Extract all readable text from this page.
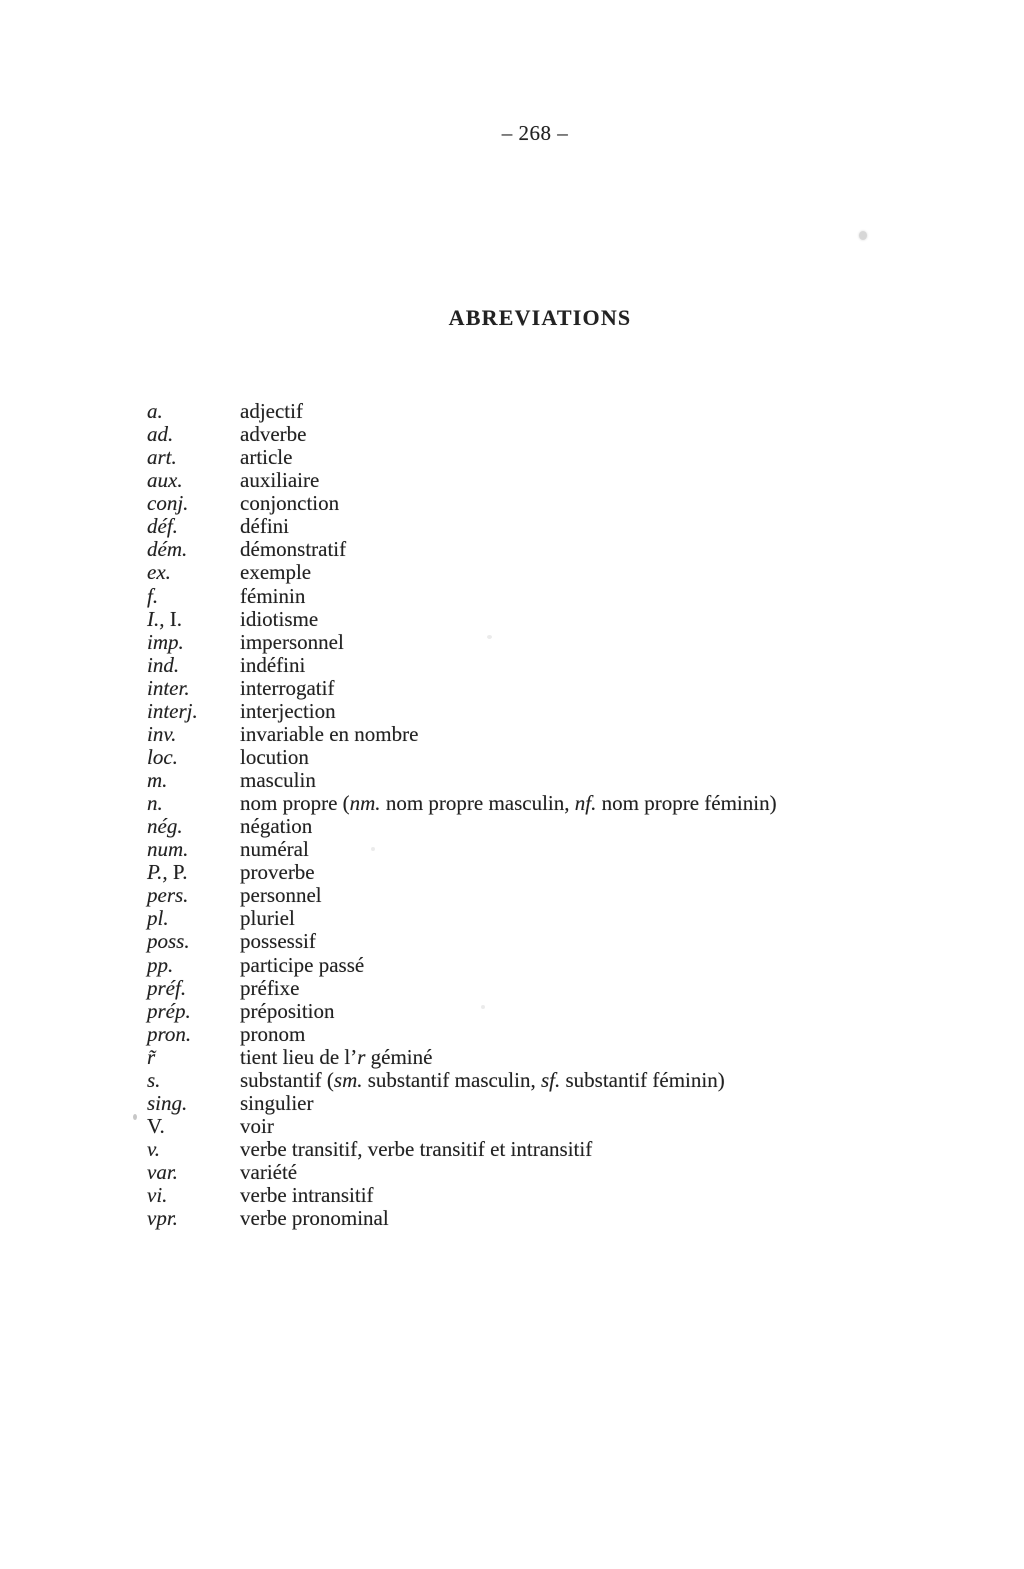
– 268 –
ABREVIATIONS
a.	adjectif
ad.	adverbe
art.	article
aux.	auxiliaire
conj.	conjonction
déf.	défini
dém.	démonstratif
ex.	exemple
f.	féminin
I., I.	idiotisme
imp.	impersonnel
ind.	indéfini
inter.	interrogatif
interj.	interjection
inv.	invariable en nombre
loc.	locution
m.	masculin
n.	nom propre (nm. nom propre masculin, nf. nom propre féminin)
nég.	négation
num.	numéral
P., P.	proverbe
pers.	personnel
pl.	pluriel
poss.	possessif
pp.	participe passé
préf.	préfixe
prép.	préposition
pron.	pronom
r̃	tient lieu de l’r géminé
s.	substantif (sm. substantif masculin, sf. substantif féminin)
sing.	singulier
V.	voir
v.	verbe transitif, verbe transitif et intransitif
var.	variété
vi.	verbe intransitif
vpr.	verbe pronominal
